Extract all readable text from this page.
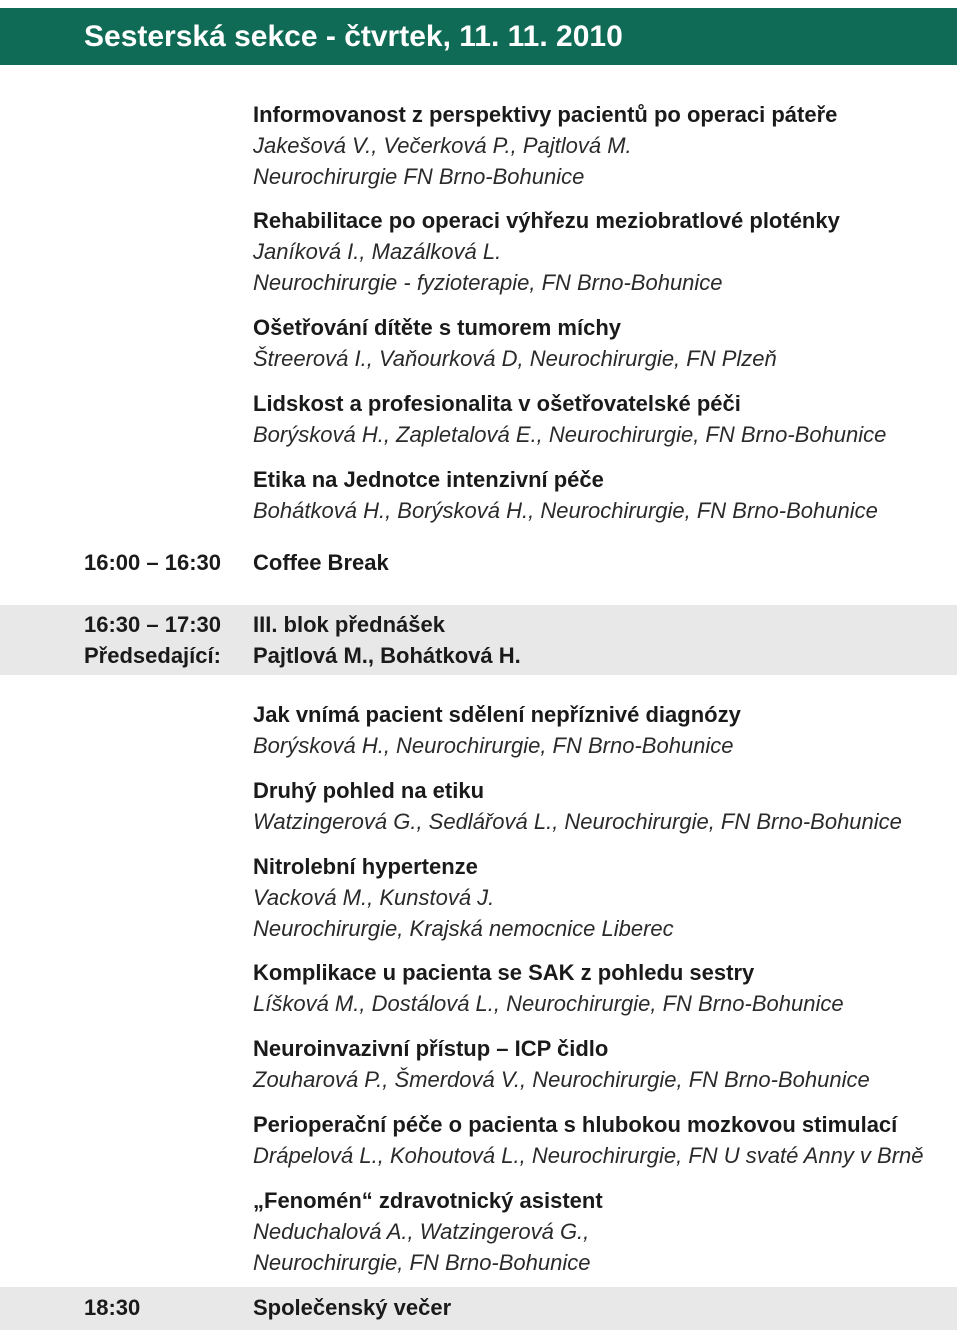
Sesterská sekce - čtvrtek, 11. 11. 2010
Informovanost z perspektivy pacientů po operaci páteře
Jakešová V., Večerková P., Pajtlová M.
Neurochirurgie FN Brno-Bohunice
Rehabilitace po operaci výhřezu meziobratlové ploténky
Janíková I., Mazálková L.
Neurochirurgie - fyzioterapie, FN Brno-Bohunice
Ošetřování dítěte s tumorem míchy
Štreerová I., Vaňourková D, Neurochirurgie, FN Plzeň
Lidskost a profesionalita v ošetřovatelské péči
Borýsková H., Zapletalová E., Neurochirurgie, FN Brno-Bohunice
Etika na Jednotce intenzivní péče
Bohátková H., Borýsková H., Neurochirurgie, FN Brno-Bohunice
16:00 – 16:30 Coffee Break
16:30 – 17:30 III. blok přednášek
Předsedající: Pajtlová M., Bohátková H.
Jak vnímá pacient sdělení nepříznivé diagnózy
Borýsková H., Neurochirurgie, FN Brno-Bohunice
Druhý pohled na etiku
Watzingerová G., Sedlářová L., Neurochirurgie, FN Brno-Bohunice
Nitrolební hypertenze
Vacková M., Kunstová J.
Neurochirurgie, Krajská nemocnice Liberec
Komplikace u pacienta se SAK z pohledu sestry
Líšková M., Dostálová L., Neurochirurgie, FN Brno-Bohunice
Neuroinvazivní přístup – ICP čidlo
Zouharová P., Šmerdová V., Neurochirurgie, FN Brno-Bohunice
Perioperační péče o pacienta s hlubokou mozkovou stimulací
Drápelová L., Kohoutová L., Neurochirurgie, FN U svaté Anny v Brně
„Fenomén“ zdravotnický asistent
Neduchalová A., Watzingerová G.,
Neurochirurgie, FN Brno-Bohunice
18:30	Společenský večer
